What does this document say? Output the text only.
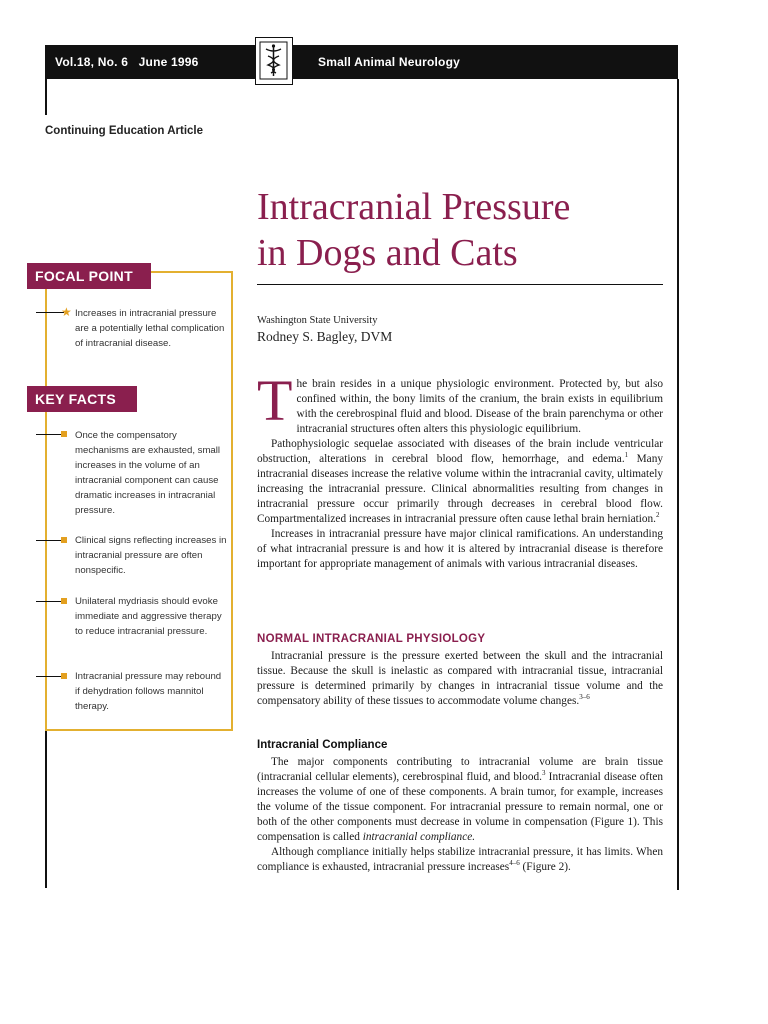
Vol.18, No. 6   June 1996	Small Animal Neurology
Continuing Education Article
Intracranial Pressure
in Dogs and Cats
Washington State University
Rodney S. Bagley, DVM
FOCAL POINT
★ Increases in intracranial pressure are a potentially lethal complication of intracranial disease.
KEY FACTS
Once the compensatory mechanisms are exhausted, small increases in the volume of an intracranial component can cause dramatic increases in intracranial pressure.
Clinical signs reflecting increases in intracranial pressure are often nonspecific.
Unilateral mydriasis should evoke immediate and aggressive therapy to reduce intracranial pressure.
Intracranial pressure may rebound if dehydration follows mannitol therapy.

The brain resides in a unique physiologic environment. Protected by, but also confined within, the bony limits of the cranium, the brain exists in equilibrium with the cerebrospinal fluid and blood. Disease of the brain parenchyma or other intracranial structures often alters this physiologic equilibrium.

Pathophysiologic sequelae associated with diseases of the brain include ventricular obstruction, alterations in cerebral blood flow, hemorrhage, and edema.$^1$ Many intracranial diseases increase the relative volume within the intracranial cavity, ultimately increasing the intracranial pressure. Clinical abnormalities resulting from changes in intracranial pressure occur primarily through decreases in cerebral blood flow. Compartmentalized increases in intracranial pressure often cause lethal brain herniation.$^2$

Increases in intracranial pressure have major clinical ramifications. An understanding of what intracranial pressure is and how it is altered by intracranial disease is therefore important for appropriate management of animals with various intracranial diseases.

NORMAL INTRACRANIAL PHYSIOLOGY

Intracranial pressure is the pressure exerted between the skull and the intracranial tissue. Because the skull is inelastic as compared with intracranial tissue, intracranial pressure is determined primarily by changes in intracranial tissue volume and the compensatory ability of these tissues to accommodate volume changes.$^{3-6}$

Intracranial Compliance

The major components contributing to intracranial volume are brain tissue (intracranial cellular elements), cerebrospinal fluid, and blood.$^3$ Intracranial disease often increases the volume of one of these components. A brain tumor, for example, increases the volume of the tissue component. For intracranial pressure to remain normal, one or both of the other components must decrease in volume in compensation (Figure 1). This compensation is called intracranial compliance.

Although compliance initially helps stabilize intracranial pressure, it has limits. When compliance is exhausted, intracranial pressure increases$^{4-6}$ (Figure 2).
